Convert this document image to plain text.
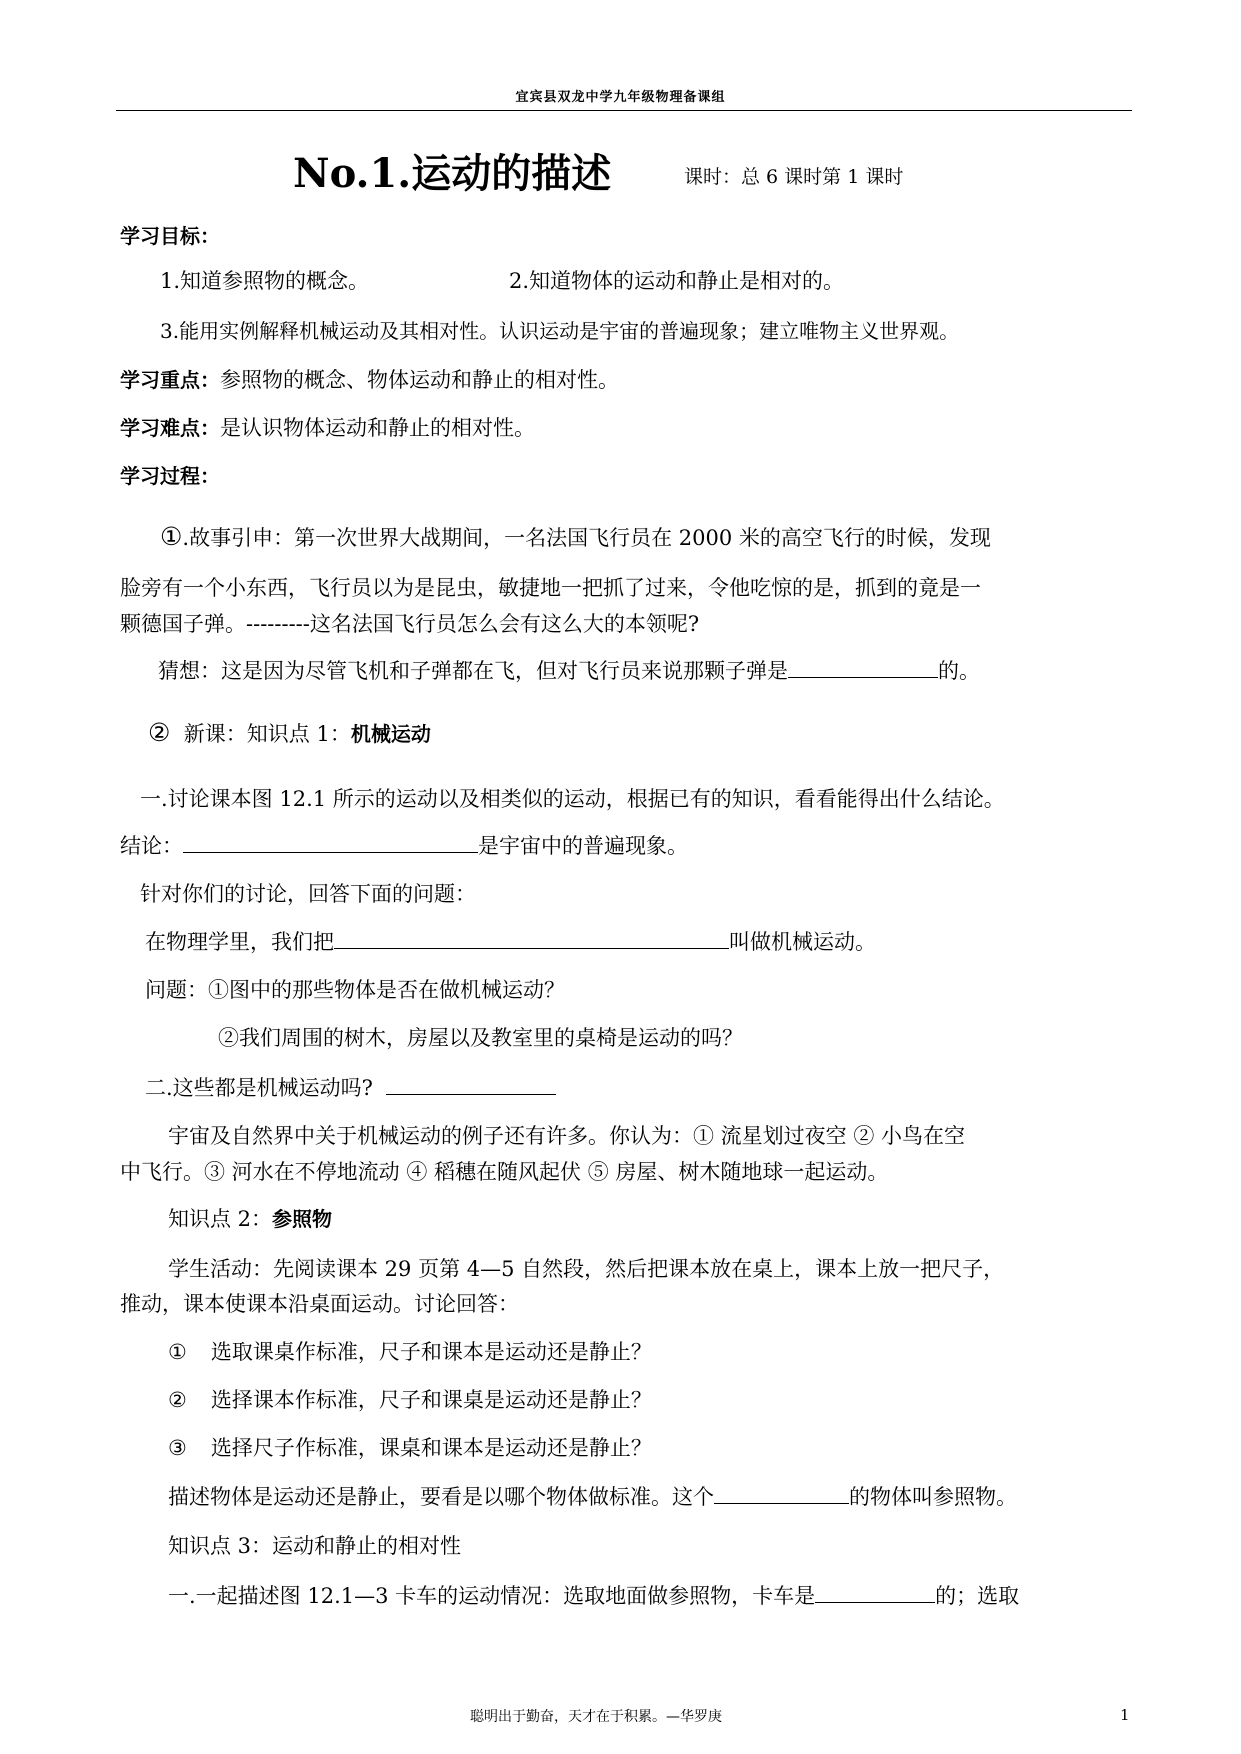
宜宾县双龙中学九年级物理备课组
No.1.运动的描述	课时：总 6 课时第 1 课时
学习目标：
1.知道参照物的概念。	2.知道物体的运动和静止是相对的。
3.能用实例解释机械运动及其相对性。认识运动是宇宙的普遍现象；建立唯物主义世界观。
学习重点：参照物的概念、物体运动和静止的相对性。
学习难点：是认识物体运动和静止的相对性。
学习过程：
①.故事引申：第一次世界大战期间，一名法国飞行员在 2000 米的高空飞行的时候，发现
脸旁有一个小东西，飞行员以为是昆虫，敏捷地一把抓了过来，令他吃惊的是，抓到的竟是一
颗德国子弹。---------这名法国飞行员怎么会有这么大的本领呢?
猜想：这是因为尽管飞机和子弹都在飞，但对飞行员来说那颗子弹是	的。
② 新课：知识点 1：机械运动
一.讨论课本图 12.1 所示的运动以及相类似的运动，根据已有的知识，看看能得出什么结论。
结论：	是宇宙中的普遍现象。
针对你们的讨论，回答下面的问题：
在物理学里，我们把	叫做机械运动。
问题：①图中的那些物体是否在做机械运动？
②我们周围的树木，房屋以及教室里的桌椅是运动的吗？
二.这些都是机械运动吗?
宇宙及自然界中关于机械运动的例子还有许多。你认为：① 流星划过夜空 ② 小鸟在空
中飞行。③ 河水在不停地流动 ④ 稻穗在随风起伏 ⑤ 房屋、树木随地球一起运动。
知识点 2：参照物
学生活动：先阅读课本 29 页第 4—5 自然段，然后把课本放在桌上，课本上放一把尺子，
推动，课本使课本沿桌面运动。讨论回答：
① 选取课桌作标准，尺子和课本是运动还是静止？
② 选择课本作标准，尺子和课桌是运动还是静止？
③ 选择尺子作标准，课桌和课本是运动还是静止？
描述物体是运动还是静止，要看是以哪个物体做标准。这个	的物体叫参照物。
知识点 3：运动和静止的相对性
一.一起描述图 12.1—3 卡车的运动情况：选取地面做参照物，卡车是	的；选取
聪明出于勤奋，天才在于积累。—华罗庚	1
